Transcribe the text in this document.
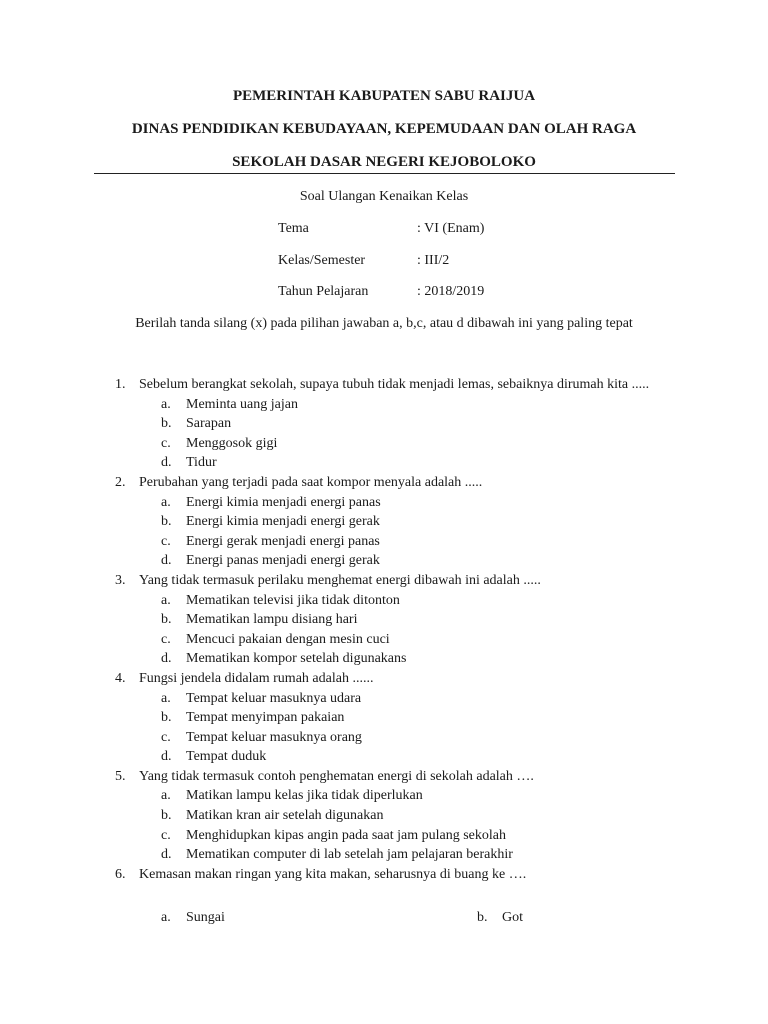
PEMERINTAH KABUPATEN SABU RAIJUA
DINAS PENDIDIKAN KEBUDAYAAN, KEPEMUDAAN DAN OLAH RAGA
SEKOLAH DASAR NEGERI KEJOBOLOKO
Soal Ulangan Kenaikan Kelas
Tema	: VI (Enam)
Kelas/Semester	: III/2
Tahun Pelajaran	: 2018/2019
Berilah tanda silang (x) pada pilihan jawaban a, b,c, atau d dibawah ini yang paling tepat
1. Sebelum berangkat sekolah, supaya tubuh tidak menjadi lemas, sebaiknya dirumah kita .....
a. Meminta uang jajan
b. Sarapan
c. Menggosok gigi
d. Tidur
2. Perubahan yang terjadi pada saat kompor menyala adalah .....
a. Energi kimia menjadi energi panas
b. Energi kimia menjadi energi gerak
c. Energi gerak menjadi energi panas
d. Energi panas menjadi energi gerak
3. Yang tidak termasuk perilaku menghemat energi dibawah ini adalah .....
a. Mematikan televisi jika tidak ditonton
b. Mematikan lampu disiang hari
c. Mencuci pakaian dengan mesin cuci
d. Mematikan kompor setelah digunakans
4. Fungsi jendela didalam rumah adalah ......
a. Tempat keluar masuknya udara
b. Tempat menyimpan pakaian
c. Tempat keluar masuknya orang
d. Tempat duduk
5. Yang tidak termasuk contoh penghematan energi di sekolah adalah ….
a. Matikan lampu kelas jika tidak diperlukan
b. Matikan kran air setelah digunakan
c. Menghidupkan kipas angin pada saat jam pulang sekolah
d. Mematikan computer di lab setelah jam pelajaran berakhir
6. Kemasan makan ringan yang kita makan, seharusnya di buang ke ….
a. Sungai	b. Got
